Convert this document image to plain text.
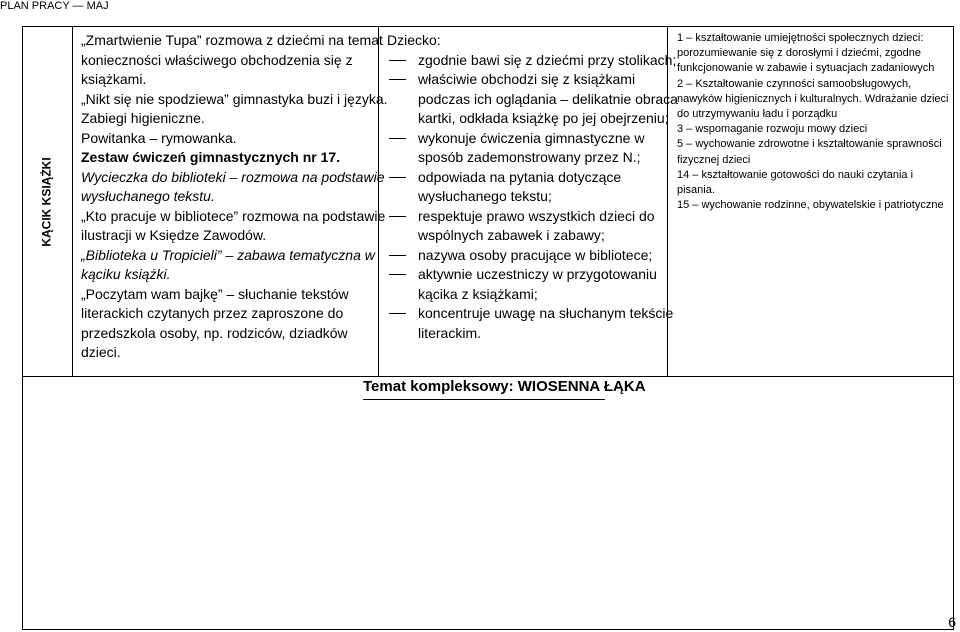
PLAN PRACY — MAJ
KĄCIK KSIĄŻKI

„Zmartwienie Tupa” rozmowa z dziećmi na temat konieczności właściwego obchodzenia się z książkami.

„Nikt się nie spodziewa” gimnastyka buzi i języka.

Zabiegi higieniczne.

Powitanka – rymowanka.

Zestaw ćwiczeń gimnastycznych nr 17.

Wycieczka do biblioteki – rozmowa na podstawie wysłuchanego tekstu.

„Kto pracuje w bibliotece” rozmowa na podstawie ilustracji w Księdze Zawodów.

„Biblioteka u Tropicieli” – zabawa tematyczna w kąciku książki.

„Poczytam wam bajkę” – słuchanie tekstów literackich czytanych przez zaproszone do przedszkola osoby, np. rodziców, dziadków dzieci.

Dziecko:

zgodnie bawi się z dziećmi przy stolikach;
właściwie obchodzi się z książkami podczas ich oglądania – delikatnie obraca kartki, odkłada książkę po jej obejrzeniu;
wykonuje ćwiczenia gimnastyczne w sposób zademonstrowany przez N.;
odpowiada na pytania dotyczące wysłuchanego tekstu;
respektuje prawo wszystkich dzieci do wspólnych zabawek i zabawy;
nazywa osoby pracujące w bibliotece;
aktywnie uczestniczy w przygotowaniu kącika z książkami;
koncentruje uwagę na słuchanym tekście literackim.

1 – kształtowanie umiejętności społecznych dzieci: porozumiewanie się z dorosłymi i dziećmi, zgodne funkcjonowanie w zabawie i sytuacjach zadaniowych

2 – Kształtowanie czynności samoobsługowych, nawyków higienicznych i kulturalnych. Wdrażanie dzieci do utrzymywaniu ładu i porządku

3 – wspomaganie rozwoju mowy dzieci

5 – wychowanie zdrowotne i kształtowanie sprawności fizycznej dzieci

14 – kształtowanie gotowości do nauki czytania i pisania.

15 – wychowanie rodzinne, obywatelskie i patriotyczne

Temat kompleksowy: WIOSENNA ŁĄKA
6
